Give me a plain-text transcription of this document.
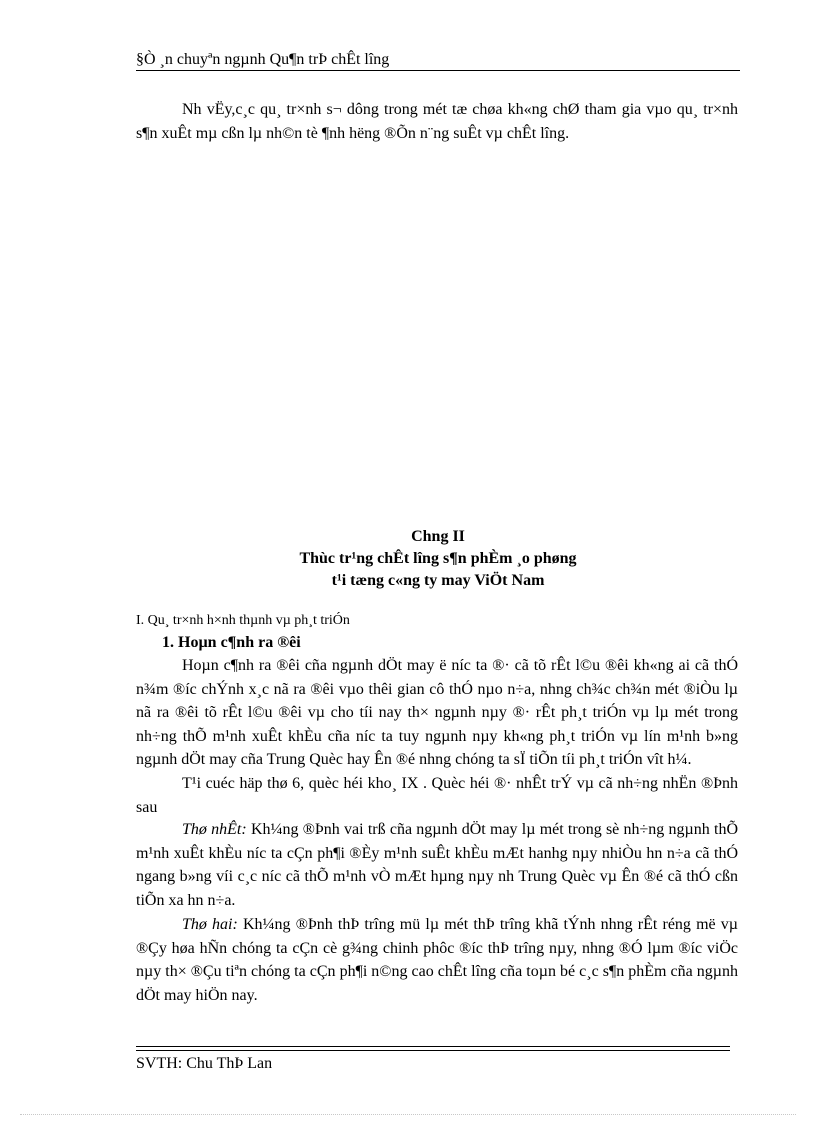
§Ò ¸n chuyªn ngµnh Qu¶n trÞ chÊt lîng

Nh vËy,c¸c qu¸ tr×nh s¬ dông trong mét tæ chøa kh«ng chØ tham gia vµo qu¸ tr×nh s¶n xuÊt mµ cßn lµ nh©n tè ¶nh hëng ®Õn n¨ng suÊt vµ chÊt lîng.

Chng II
Thùc tr¹ng chÊt lîng s¶n phÈm ¸o phøng
t¹i tæng c«ng ty may ViÖt Nam
I. Qu¸ tr×nh h×nh thµnh vµ ph¸t triÓn
1. Hoµn c¶nh ra ®êi

Hoµn c¶nh ra ®êi cña ngµnh dÖt may ë níc ta ®· cã tõ rÊt l©u ®êi kh«ng ai cã thÓ n¾m ®íc chÝnh x¸c nã ra ®êi vµo thêi gian cô thÓ nµo n÷a, nhng ch¾c ch¾n mét ®iÒu lµ nã ra ®êi tõ rÊt l©u ®êi vµ cho tíi nay th× ngµnh nµy ®· rÊt ph¸t triÓn vµ lµ mét trong nh÷ng thÕ m¹nh xuÊt khÈu cña níc ta tuy ngµnh nµy kh«ng ph¸t triÓn vµ lín m¹nh b»ng ngµnh dÖt may cña Trung Quèc hay Ên ®é nhng chóng ta sÏ tiÕn tíi ph¸t triÓn vît h¼.

T¹i cuéc häp thø 6, quèc héi kho¸ IX . Quèc héi ®· nhÊt trÝ vµ cã nh÷ng nhËn ®Þnh sau

Thø nhÊt: Kh¼ng ®Þnh vai trß cña ngµnh dÖt may lµ mét trong sè nh÷ng ngµnh thÕ m¹nh xuÊt khÈu níc ta cÇn ph¶i ®Èy m¹nh suÊt khÈu mÆt hanhg nµy nhiÒu hn n÷a cã thÓ ngang b»ng víi c¸c níc cã thÕ m¹nh vÒ mÆt hµng nµy nh Trung Quèc vµ Ên ®é cã thÓ cßn tiÕn xa hn n÷a.

Thø hai: Kh¼ng ®Þnh thÞ trîng mü lµ mét thÞ trîng khã tÝnh nhng rÊt réng më vµ ®Çy høa hÑn chóng ta cÇn cè g¾ng chinh phôc ®íc thÞ trîng nµy, nhng ®Ó lµm ®íc viÖc nµy th× ®Çu tiªn chóng ta cÇn ph¶i n©ng cao chÊt lîng cña toµn bé c¸c s¶n phÈm cña ngµnh dÖt may hiÖn nay.

SVTH: Chu ThÞ Lan
